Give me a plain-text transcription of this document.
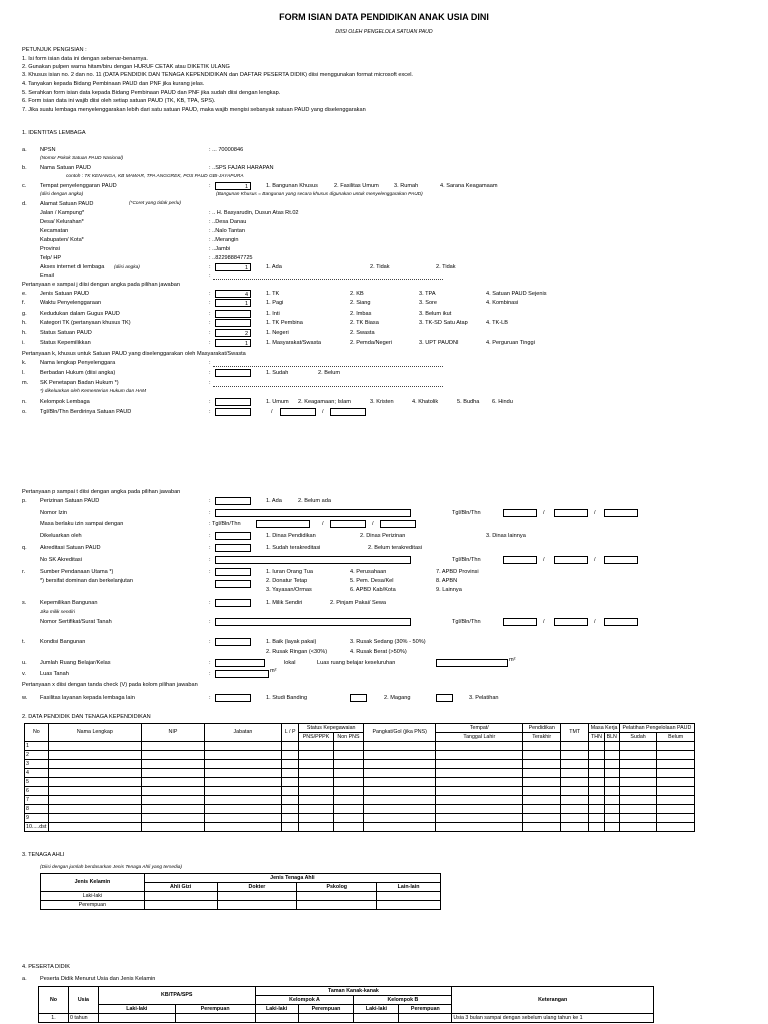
FORM ISIAN DATA PENDIDIKAN ANAK USIA DINI
DIISI OLEH PENGELOLA SATUAN PAUD
PETUNJUK PENGISIAN :
1. Isi form isian data ini dengan sebenar-benarnya.
2. Gunakan pulpen warna hitam/biru dengan HURUF CETAK atau DIKETIK ULANG
3. Khusus isian no. 2 dan no. 11 (DATA PENDIDIK DAN TENAGA KEPENDIDIKAN dan DAFTAR PESERTA DIDIK) diisi menggunakan format microsoft excel.
4. Tanyakan kepada Bidang Pembinaan PAUD dan PNF jika kurang jelas.
5. Serahkan form isian data kepada Bidang Pembinaan PAUD dan PNF jika sudah diisi dengan lengkap.
6. Form isian data ini wajib diisi oleh setiap satuan PAUD (TK, KB, TPA, SPS).
7. Jika suatu lembaga menyelenggarakan lebih dari satu satuan PAUD, maka wajib mengisi sebanyak satuan PAUD yang diselenggarakan
1. IDENTITAS LEMBAGA
a. NPSN	: ... 70000846
(Nomor Pokok Satuan PAUD Nasional)
b. Nama Satuan PAUD	: ..SPS FAJAR HARAPAN
contoh : TK KENANGA, KB MAWAR, TPA ANGGREK, POS PAUD GBI-JAYAPURA
c. Tempat penyelenggaran PAUD	:	1	1. Bangunan Khusus	2. Fasilitas Umum	3. Rumah	4. Sarana Keagamaam
(diisi dengan angka)	(Bangunan Khusus = Bangunan yang secara khusus digunakan untuk menyelenggarakan PAUD)
d. Alamat Satuan PAUD	(*Coret yang tidak perlu)
Jalan / Kampung*	: .. H. Basyarudin, Dusun Atas Rt.02
Desa/ Kelurahan*	: ..Desa Danau
Kecamatan	: ..Nalo Tantan
Kabupaten/ Kota*	: ..Merangin
Provinsi	: ..Jambi
Telp/ HP	: ..822988847725
Akses internet di lembaga (diisi angka)	:	1	1. Ada	2. Tidak	2. Tidak
Email	:
Pertanyaan e sampai j diisi dengan angka pada pilihan jawaban
e. Jenis Satuan PAUD	:	4	1. TK	2. KB	3. TPA	4. Satuan PAUD Sejenis
f.	Waktu Penyelenggaraan	:	1	1. Pagi	2. Siang	3. Sore	4. Kombinasi
g. Kedudukan dalam Gugus PAUD	:	1. Inti	2. Imbas	3. Belum ikut
h. Kategori TK (pertanyaan khusus TK)	:	1. TK Pembina	2. TK Biasa	3. TK-SD Satu Atap	4. TK-LB
h. Status Satuan PAUD	:	2	1. Negeri	2. Swasta
i.	Status Kepemilikkan	:	1	1. Masyarakat/Swasta	2. Pemda/Negeri	3. UPT PAUDNI	4. Perguruan Tinggi
Pertanyaan k, khusus untuk Satuan PAUD yang diselenggarakan oleh Masyarakat/Swasta
k. Nama lengkap Penyelenggara	:
l.	Berbadan Hukum (diisi angka)	:	1. Sudah	2. Belum
m. SK Penetapan Badan Hukum *)	:
*) dikeluarkan oleh Kementerian Hukum dan HAM
n. Kelompok Lembaga	:	1. Umum 2. Keagamaan; Islam	3. Kristen	4. Khatolik	5. Budha 6. Hindu
o. Tgl/Bln/Thn Berdirinya Satuan PAUD	:	/	/
Pertanyaan p sampai t diisi dengan angka pada pilihan jawaban
p. Perizinan Satuan PAUD	:	1. Ada	2. Belum ada
Nomor Izin	:	Tgl/Bln/Thn	/	/
Masa berlaku izin sampai dengan	: Tgl/Bln/Thn	/	/
Dikeluarkan oleh	:	1. Dinas Pendidikan	2. Dinas Perizinan	3. Dinas lainnya
q. Akreditasi Satuan PAUD	:	1. Sudah terakreditasi	2. Belum terakreditasi
No SK Akreditasi	:	Tgl/Bln/Thn	/	/
r.	Sumber Pendanaan Utama *)
*) bersifat dominan dan berkelanjutan
:	1. Iuran Orang Tua	4. Perusahaan	7. APBD Provinsi
2. Donatur Tetap	5. Pem. Desa/Kel	8. APBN
3. Yayasan/Ormas	6. APBD Kab/Kota	9. Lainnya
s. Kepemilikan Bangunan	:	1. Milik Sendiri	2. Pinjam Pakai/ Sewa
Jika milik sendiri
Nomor Sertifikat/Surat Tanah	:	Tgl/Bln/Thn	/	/
t.	Kondisi Bangunan	:	1. Baik (layak pakai)	3. Rusak Sedang (30% - 50%)
2. Rusak Ringan (<30%)	4. Rusak Berat (>50%)
u. Jumlah Ruang Belajar/Kelas	:	lokal	Luas ruang belajar keseluruhan	m²
v.	Luas Tanah	:	m²
Pertanyaan x diisi dengan tanda check (V) pada kolom pilihan jawaban
w. Fasilitas layanan kepada lembaga lain	:	1. Studi Banding	2. Magang	3. Pelatihan
2. DATA PENDIDIK DAN TENAGA KEPENDIDIKAN
No	Nama Lengkap	NIP	Jabatan	L / P	Status Kepegawaian		Pangkat/Gol (jika PNS)	Tempat/	Pendidikan	TMT	Masa Kerja		Pelatihan Pengelolaan PAUD	
					PNS/PPPK	Non PNS		Tanggal Lahir	Terakhir		THN	BLN	Sudah	Belum
1														
2														
3														
4														
5														
6														
7														
8														
9														
10.....dst														
3. TENAGA AHLI
(Diisi dengan jumlah berdasarkan Jenis Tenaga Ahli yang tersedia)
Jenis Kelamin	Jenis Tenaga Ahli			
	Ahli Gizi	Dokter	Pskolog	Lain-lain
Laki-laki				
Perempuan				
4. PESERTA DIDIK
a. Peserta Didik Menurut Usia dan Jenis Kelamin
No	Usia	KB/TPA/SPS		Taman Kanak-kanak				Keterangan
				Kelompok A		Kelompok B		
		Laki-laki	Perempuan	Laki-laki	Perempuan	Laki-laki	Perempuan	
1.	0 tahun							Usia 3 bulan sampai dengan sebelum ulang tahun ke 1
